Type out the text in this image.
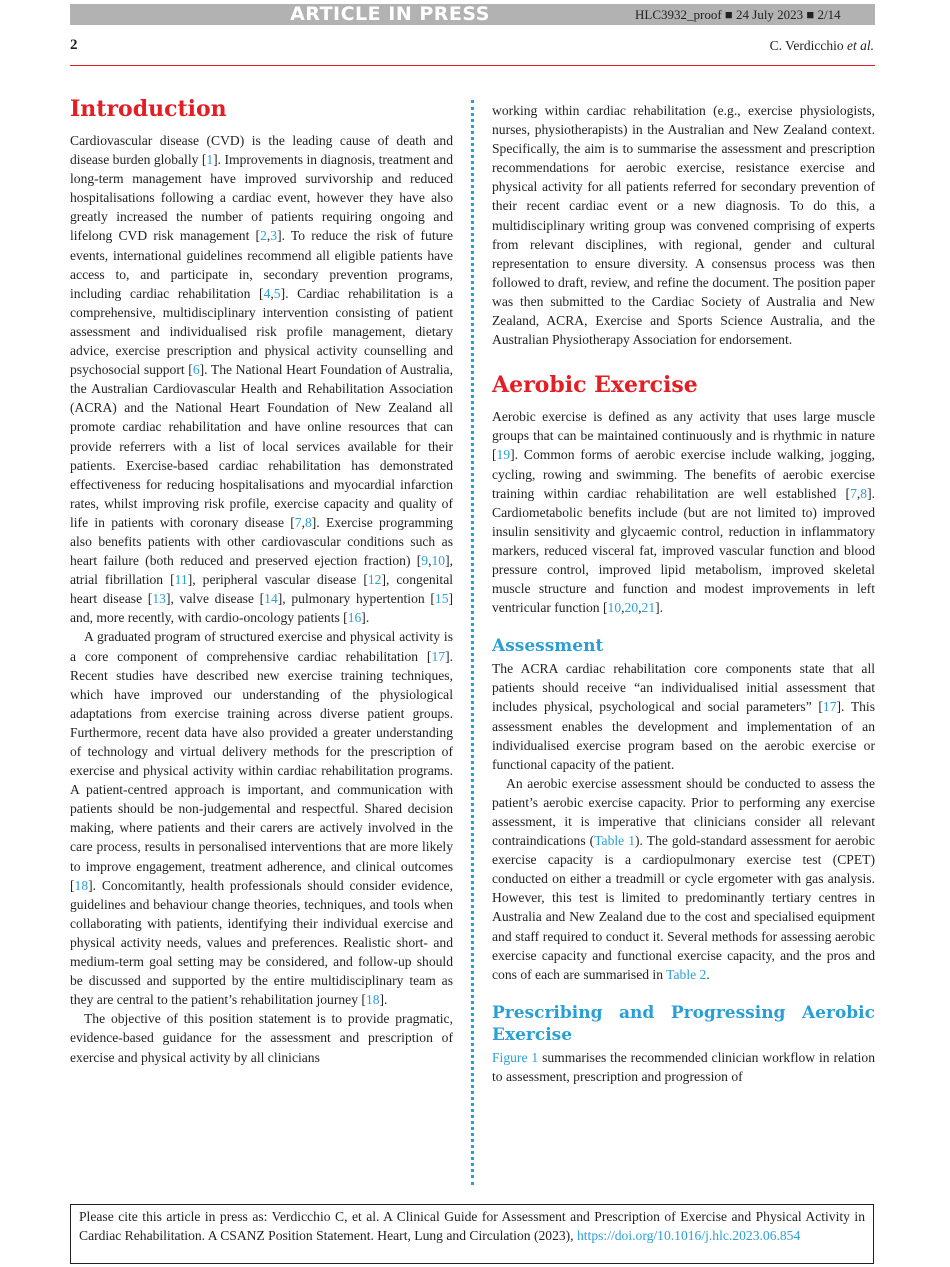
ARTICLE IN PRESS	HLC3932_proof ■ 24 July 2023 ■ 2/14
2	C. Verdicchio et al.
Introduction

Cardiovascular disease (CVD) is the leading cause of death and disease burden globally [1]. Improvements in diagnosis, treatment and long-term management have improved survivorship and reduced hospitalisations following a cardiac event, however they have also greatly increased the number of patients requiring ongoing and lifelong CVD risk management [2,3]. To reduce the risk of future events, international guidelines recommend all eligible patients have access to, and participate in, secondary prevention programs, including cardiac rehabilitation [4,5]. Cardiac rehabilitation is a comprehensive, multidisciplinary intervention consisting of patient assessment and individualised risk profile management, dietary advice, exercise prescription and physical activity counselling and psychosocial support [6]. The National Heart Foundation of Australia, the Australian Cardiovascular Health and Rehabilitation Association (ACRA) and the National Heart Foundation of New Zealand all promote cardiac rehabilitation and have online resources that can provide referrers with a list of local services available for their patients. Exercise-based cardiac rehabilitation has demonstrated effectiveness for reducing hospitalisations and myocardial infarction rates, whilst improving risk profile, exercise capacity and quality of life in patients with coronary disease [7,8]. Exercise programming also benefits patients with other cardiovascular conditions such as heart failure (both reduced and preserved ejection fraction) [9,10], atrial fibrillation [11], peripheral vascular disease [12], congenital heart disease [13], valve disease [14], pulmonary hypertention [15] and, more recently, with cardio-oncology patients [16].

A graduated program of structured exercise and physical activity is a core component of comprehensive cardiac rehabilitation [17]. Recent studies have described new exercise training techniques, which have improved our understanding of the physiological adaptations from exercise training across diverse patient groups. Furthermore, recent data have also provided a greater understanding of technology and virtual delivery methods for the prescription of exercise and physical activity within cardiac rehabilitation programs. A patient-centred approach is important, and communication with patients should be non-judgemental and respectful. Shared decision making, where patients and their carers are actively involved in the care process, results in personalised interventions that are more likely to improve engagement, treatment adherence, and clinical outcomes [18]. Concomitantly, health professionals should consider evidence, guidelines and behaviour change theories, techniques, and tools when collaborating with patients, identifying their individual exercise and physical activity needs, values and preferences. Realistic short- and medium-term goal setting may be considered, and follow-up should be discussed and supported by the entire multidisciplinary team as they are central to the patient’s rehabilitation journey [18].

The objective of this position statement is to provide pragmatic, evidence-based guidance for the assessment and prescription of exercise and physical activity by all clinicians

working within cardiac rehabilitation (e.g., exercise physiologists, nurses, physiotherapists) in the Australian and New Zealand context. Specifically, the aim is to summarise the assessment and prescription recommendations for aerobic exercise, resistance exercise and physical activity for all patients referred for secondary prevention of their recent cardiac event or a new diagnosis. To do this, a multidisciplinary writing group was convened comprising of experts from relevant disciplines, with regional, gender and cultural representation to ensure diversity. A consensus process was then followed to draft, review, and refine the document. The position paper was then submitted to the Cardiac Society of Australia and New Zealand, ACRA, Exercise and Sports Science Australia, and the Australian Physiotherapy Association for endorsement.

Aerobic Exercise

Aerobic exercise is defined as any activity that uses large muscle groups that can be maintained continuously and is rhythmic in nature [19]. Common forms of aerobic exercise include walking, jogging, cycling, rowing and swimming. The benefits of aerobic exercise training within cardiac rehabilitation are well established [7,8]. Cardiometabolic benefits include (but are not limited to) improved insulin sensitivity and glycaemic control, reduction in inflammatory markers, reduced visceral fat, improved vascular function and blood pressure control, improved lipid metabolism, improved skeletal muscle structure and function and modest improvements in left ventricular function [10,20,21].

Assessment

The ACRA cardiac rehabilitation core components state that all patients should receive “an individualised initial assessment that includes physical, psychological and social parameters” [17]. This assessment enables the development and implementation of an individualised exercise program based on the aerobic exercise or functional capacity of the patient.

An aerobic exercise assessment should be conducted to assess the patient’s aerobic exercise capacity. Prior to performing any exercise assessment, it is imperative that clinicians consider all relevant contraindications (Table 1). The gold-standard assessment for aerobic exercise capacity is a cardiopulmonary exercise test (CPET) conducted on either a treadmill or cycle ergometer with gas analysis. However, this test is limited to predominantly tertiary centres in Australia and New Zealand due to the cost and specialised equipment and staff required to conduct it. Several methods for assessing aerobic exercise capacity and functional exercise capacity, and the pros and cons of each are summarised in Table 2.

Prescribing and Progressing Aerobic Exercise

Figure 1 summarises the recommended clinician workflow in relation to assessment, prescription and progression of

Please cite this article in press as: Verdicchio C, et al. A Clinical Guide for Assessment and Prescription of Exercise and Physical Activity in Cardiac Rehabilitation. A CSANZ Position Statement. Heart, Lung and Circulation (2023), https://doi.org/10.1016/j.hlc.2023.06.854
